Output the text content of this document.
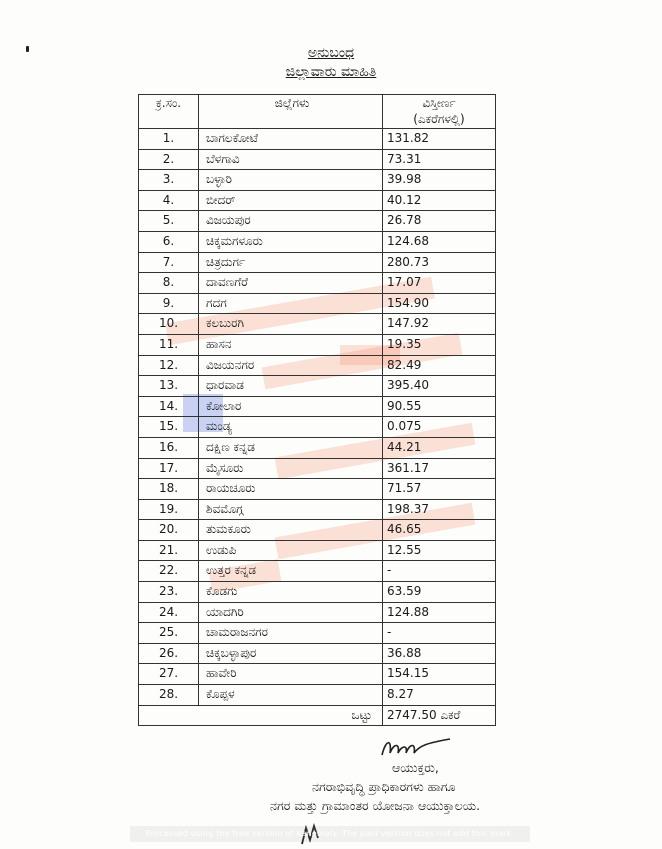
ಅನುಬಂಧ
ಜಿಲ್ಲಾವಾರು ಮಾಹಿತಿ
ಕ್ರ.ಸಂ.	ಜಿಲ್ಲೆಗಳು	ವಿಸ್ತೀರ್ಣ
(ಎಕರೆಗಳಲ್ಲಿ)

1.	ಬಾಗಲಕೋಟೆ	131.82
2.	ಬೆಳಗಾವಿ	73.31
3.	ಬಳ್ಳಾರಿ	39.98
4.	ಬೀದರ್	40.12
5.	ವಿಜಯಪುರ	26.78
6.	ಚಿಕ್ಕಮಗಳೂರು	124.68
7.	ಚಿತ್ರದುರ್ಗ	280.73
8.	ದಾವಣಗೆರೆ	17.07
9.	ಗದಗ	154.90
10.	ಕಲಬುರಗಿ	147.92
11.	ಹಾಸನ	19.35
12.	ವಿಜಯನಗರ	82.49
13.	ಧಾರವಾಡ	395.40
14.	ಕೋಲಾರ	90.55
15.	ಮಂಡ್ಯ	0.075
16.	ದಕ್ಷಿಣ ಕನ್ನಡ	44.21
17.	ಮೈಸೂರು	361.17
18.	ರಾಯಚೂರು	71.57
19.	ಶಿವಮೊಗ್ಗ	198.37
20.	ತುಮಕೂರು	46.65
21.	ಉಡುಪಿ	12.55
22.	ಉತ್ತರ ಕನ್ನಡ	-
23.	ಕೊಡಗು	63.59
24.	ಯಾದಗಿರಿ	124.88
25.	ಚಾಮರಾಜನಗರ	-
26.	ಚಿಕ್ಕಬಳ್ಳಾಪುರ	36.88
27.	ಹಾವೇರಿ	154.15
28.	ಕೊಪ್ಪಳ	8.27
ಒಟ್ಟು		2747.50 ಎಕರೆ
ಆಯುಕ್ತರು,
ನಗರಾಭಿವೃದ್ಧಿ ಪ್ರಾಧಿಕಾರಗಳು ಹಾಗೂ
ನಗರ ಮತ್ತು ಗ್ರಾಮಾಂತರ ಯೋಜನಾ ಆಯುಕ್ತಾಲಯ.
Processed using the free version of Kanemaly. The paid version does not add this mark.
